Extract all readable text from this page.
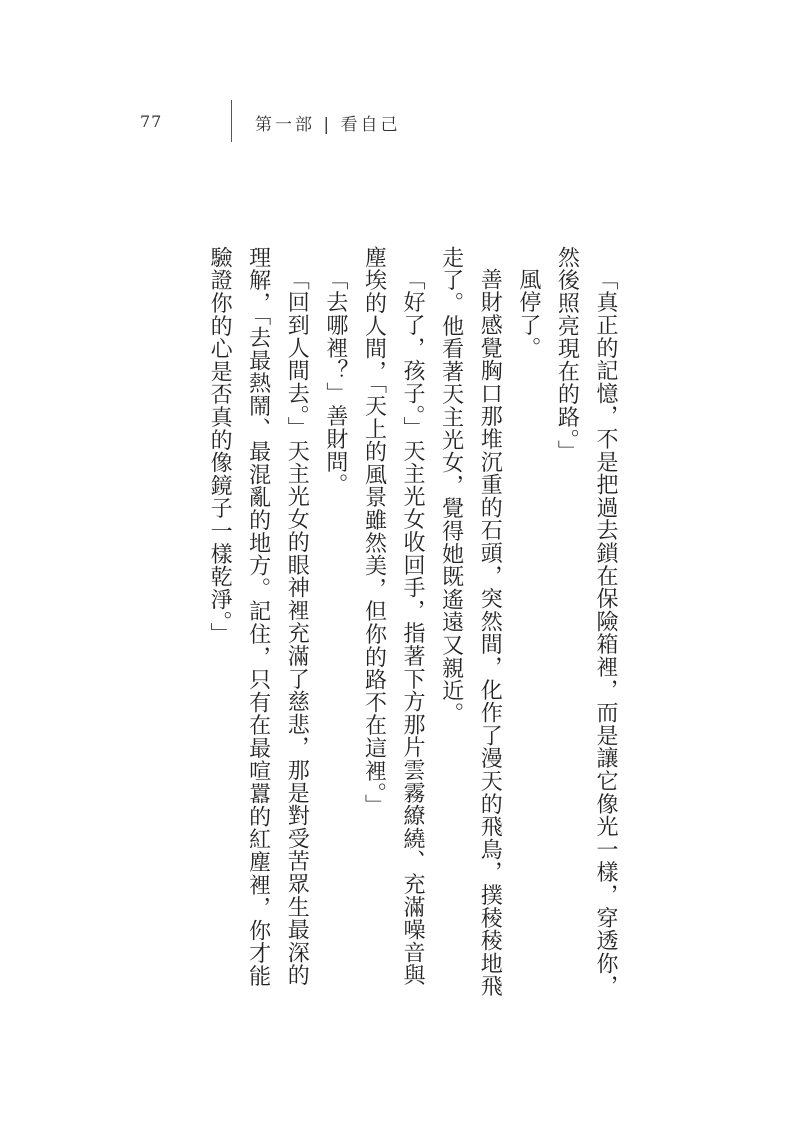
77	第一部 | 看自己

「真正的記憶，不是把過去鎖在保險箱裡，而是讓它像光一樣，穿透你，然後照亮現在的路。」

風停了。

善財感覺胸口那堆沉重的石頭，突然間，化作了漫天的飛鳥，撲稜稜地飛走了。他看著天主光女，覺得她既遙遠又親近。

「好了，孩子。」天主光女收回手，指著下方那片雲霧繚繞、充滿噪音與塵埃的人間，「天上的風景雖然美，但你的路不在這裡。」

「去哪裡？」善財問。

「回到人間去。」天主光女的眼神裡充滿了慈悲，那是對受苦眾生最深的理解，「去最熱鬧、最混亂的地方。記住，只有在最喧囂的紅塵裡，你才能驗證你的心是否真的像鏡子一樣乾淨。」
